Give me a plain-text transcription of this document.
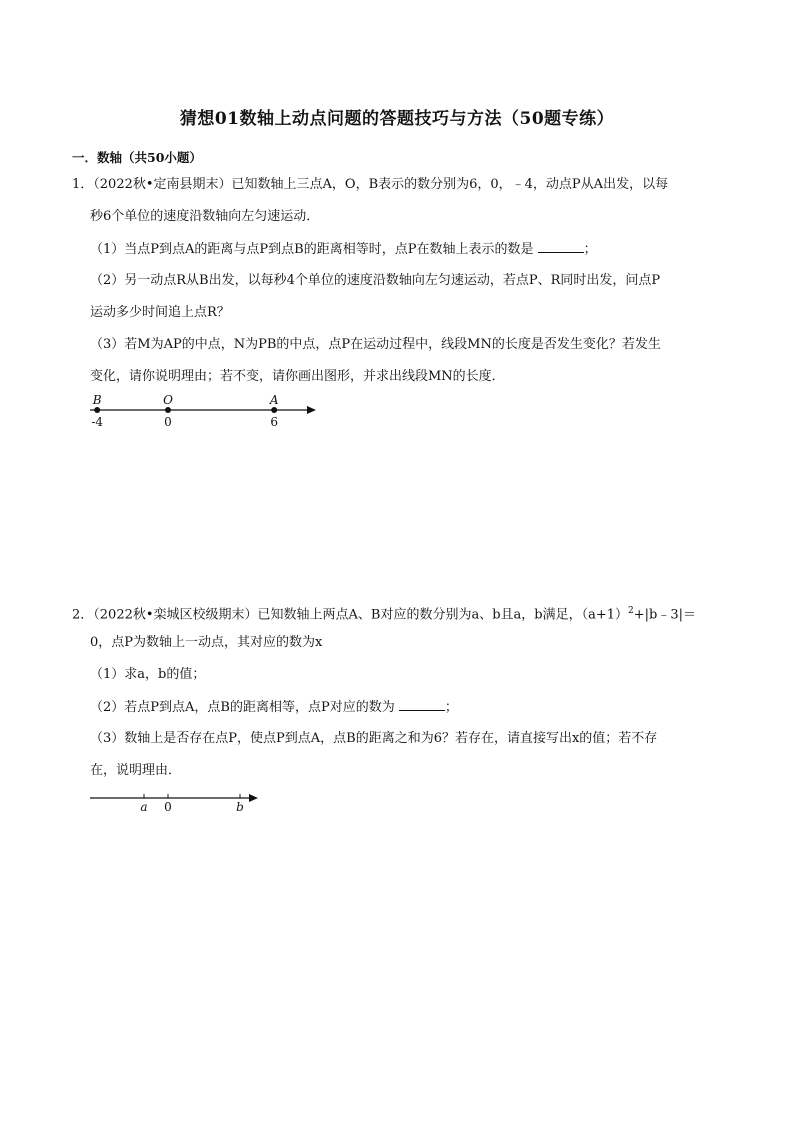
猜想01数轴上动点问题的答题技巧与方法（50题专练）
一．数轴（共50小题）
1．（2022秋•定南县期末）已知数轴上三点A，O，B表示的数分别为6，0，﹣4，动点P从A出发，以每
秒6个单位的速度沿数轴向左匀速运动．
（1）当点P到点A的距离与点P到点B的距离相等时，点P在数轴上表示的数是	；
（2）另一动点R从B出发，以每秒4个单位的速度沿数轴向左匀速运动，若点P、R同时出发，问点P
运动多少时间追上点R？
（3）若M为AP的中点，N为PB的中点，点P在运动过程中，线段MN的长度是否发生变化？若发生
变化，请你说明理由；若不变，请你画出图形，并求出线段MN的长度．
B
-4
O
0
A
6
2．（2022秋•栾城区校级期末）已知数轴上两点A、B对应的数分别为a、b且a，b满足，$(a+1)^2+|b﹣3|=$
0，点P为数轴上一动点，其对应的数为x
（1）求a，b的值；
（2）若点P到点A，点B的距离相等，点P对应的数为	；
（3）数轴上是否存在点P，使点P到点A，点B的距离之和为6？若存在，请直接写出x的值；若不存
在，说明理由．
a 0	b
